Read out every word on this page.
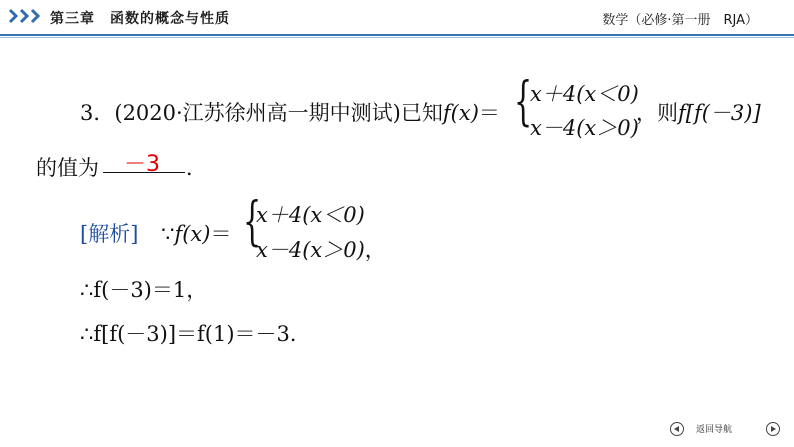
第三章　函数的概念与性质	数学（必修·第一册　RJA）
3．(2020·江苏徐州高一期中测试)已知f(x)＝ {
x＋4(x＜0)
x－4(x＞0)
，则f[f(－3)]
的值为 －3 ．
[解析] ∵f(x)＝ {
x＋4(x＜0)
x－4(x＞0)，
∴f(－3)＝1，
∴f[f(－3)]＝f(1)＝－3．
返回导航
